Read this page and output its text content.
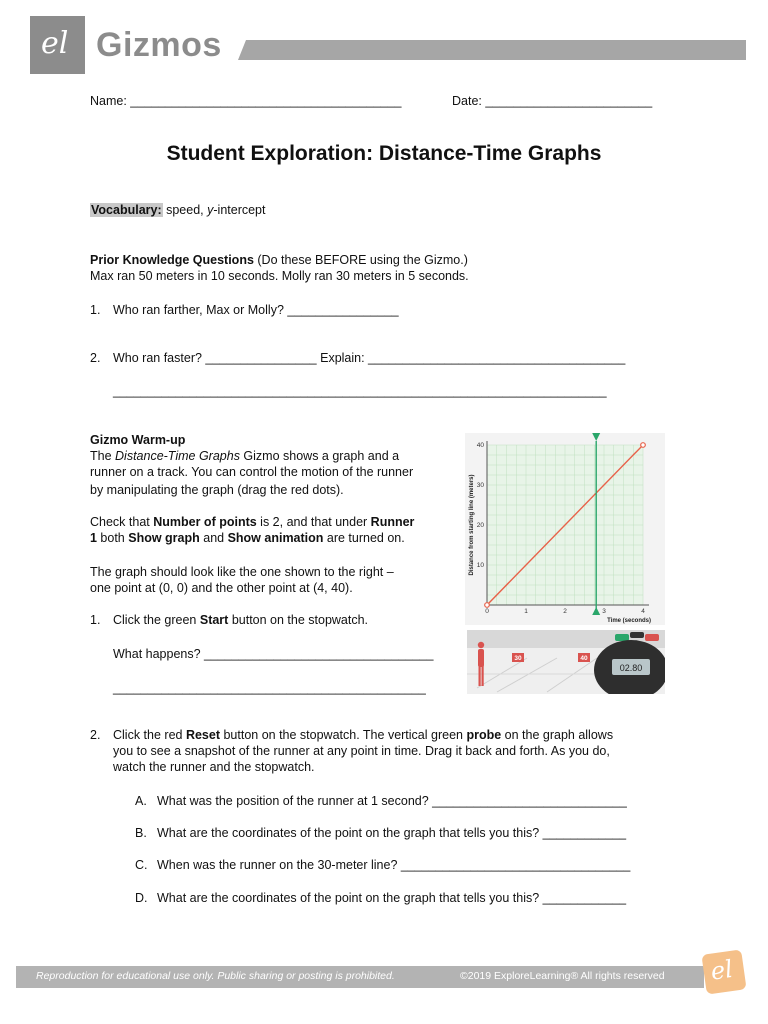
el Gizmos
Name: _______________________________________	Date: ________________________
Student Exploration: Distance-Time Graphs
Vocabulary: speed, y-intercept
Prior Knowledge Questions (Do these BEFORE using the Gizmo.)
Max ran 50 meters in 10 seconds. Molly ran 30 meters in 5 seconds.
1. Who ran farther, Max or Molly? ________________
2. Who ran faster? ________________ Explain: _____________________________________
_______________________________________________________________________
Gizmo Warm-up
The Distance-Time Graphs Gizmo shows a graph and a
runner on a track. You can control the motion of the runner
by manipulating the graph (drag the red dots).
Check that Number of points is 2, and that under Runner
1 both Show graph and Show animation are turned on.
The graph should look like the one shown to the right –
one point at (0, 0) and the other point at (4, 40).
1. Click the green Start button on the stopwatch.
What happens? _________________________________
_____________________________________________
0	1	2	3	4
10
20
30
40
Time (seconds)
Distance from starting line (meters)
30	40
02.80
2. Click the red Reset button on the stopwatch. The vertical green probe on the graph allows
you to see a snapshot of the runner at any point in time. Drag it back and forth. As you do,
watch the runner and the stopwatch.
A. What was the position of the runner at 1 second? ____________________________
B. What are the coordinates of the point on the graph that tells you this? ____________
C. When was the runner on the 30-meter line? _________________________________
D. What are the coordinates of the point on the graph that tells you this? ____________
Reproduction for educational use only. Public sharing or posting is prohibited.	©2019 ExploreLearning® All rights reserved el
